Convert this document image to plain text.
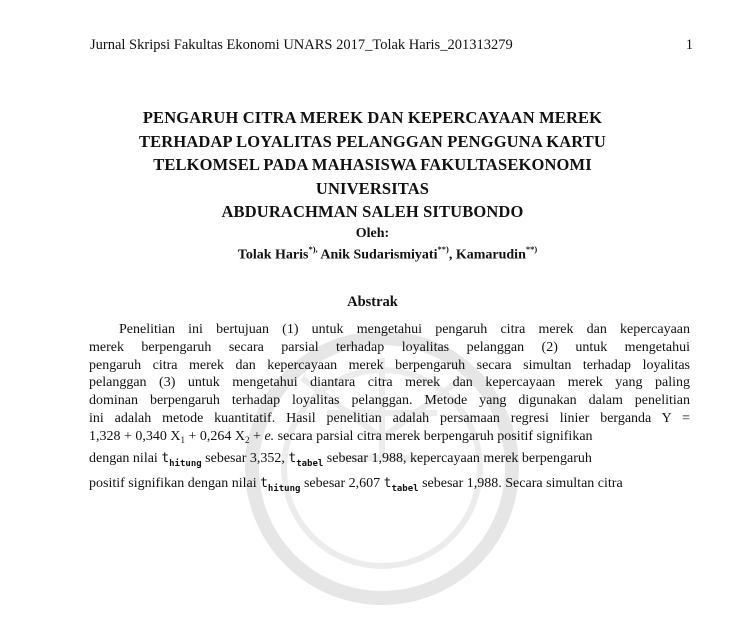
Jurnal Skripsi Fakultas Ekonomi UNARS 2017_Tolak Haris_201313279	1
PENGARUH CITRA MEREK DAN KEPERCAYAAN MEREK
TERHADAP LOYALITAS PELANGGAN PENGGUNA KARTU
TELKOMSEL PADA MAHASISWA FAKULTASEKONOMI
UNIVERSITAS
ABDURACHMAN SALEH SITUBONDO
Oleh:
Tolak Haris*), Anik Sudarismiyati**), Kamarudin**)
Abstrak
Penelitian ini bertujuan (1) untuk mengetahui pengaruh citra merek dan kepercayaan
merek berpengaruh secara parsial terhadap loyalitas pelanggan (2) untuk mengetahui
pengaruh citra merek dan kepercayaan merek berpengaruh secara simultan terhadap loyalitas
pelanggan (3) untuk mengetahui diantara citra merek dan kepercayaan merek yang paling
dominan berpengaruh terhadap loyalitas pelanggan. Metode yang digunakan dalam penelitian
ini adalah metode kuantitatif. Hasil penelitian adalah persamaan regresi linier berganda Y =
1,328 + 0,340 $X_1 + 0,264$ $X_2 + e$. secara parsial citra merek berpengaruh positif signifikan
dengan nilai $t_{hitung}$ sebesar 3,352, $t_{tabel}$ sebesar 1,988, kepercayaan merek berpengaruh
positif signifikan dengan nilai $t_{hitung}$ sebesar 2,607 $t_{tabel}$ sebesar 1,988. Secara simultan citra
